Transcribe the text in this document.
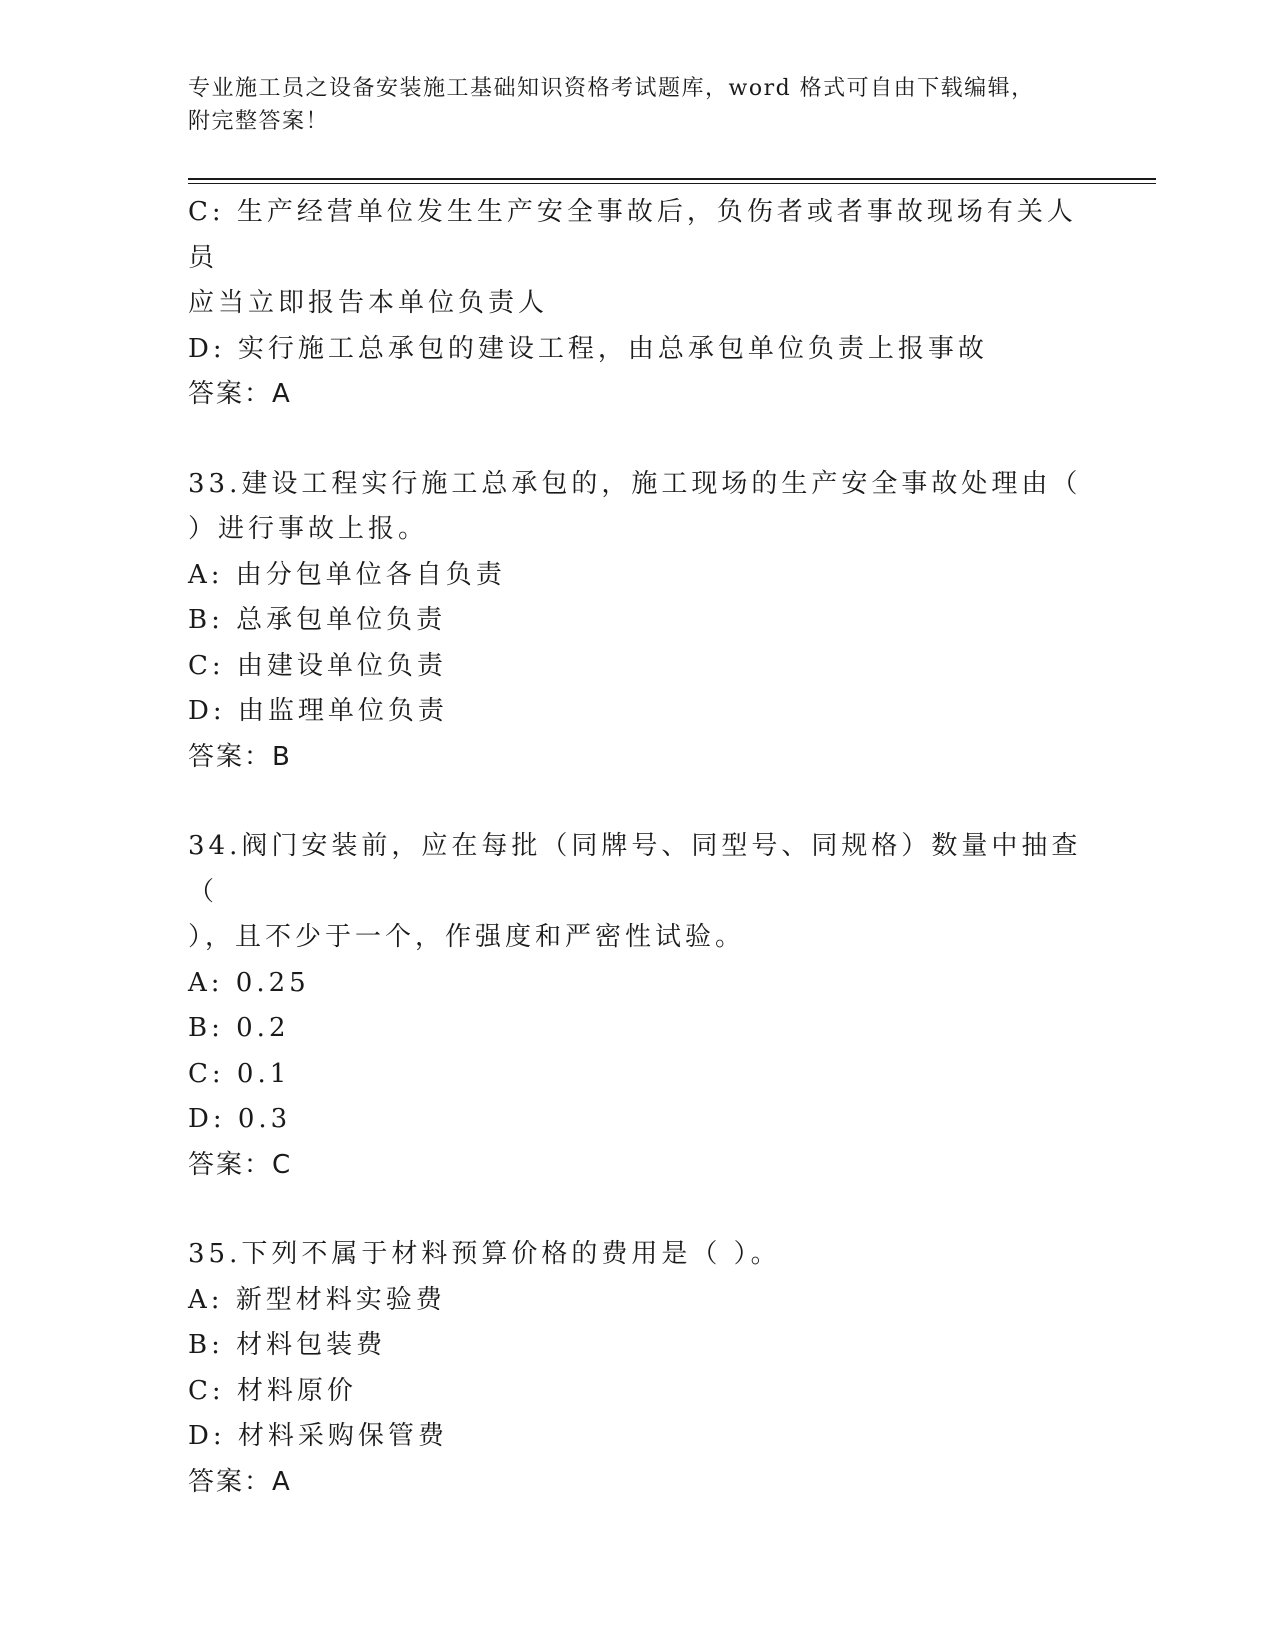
专业施工员之设备安装施工基础知识资格考试题库，word 格式可自由下载编辑，
附完整答案！
C: 生产经营单位发生生产安全事故后，负伤者或者事故现场有关人员
应当立即报告本单位负责人
D: 实行施工总承包的建设工程，由总承包单位负责上报事故
答案：A
33.建设工程实行施工总承包的，施工现场的生产安全事故处理由（
）进行事故上报。
A: 由分包单位各自负责
B: 总承包单位负责
C: 由建设单位负责
D: 由监理单位负责
答案：B
34.阀门安装前，应在每批（同牌号、同型号、同规格）数量中抽查（
），且不少于一个，作强度和严密性试验。
A: 0.25
B: 0.2
C: 0.1
D: 0.3
答案：C
35.下列不属于材料预算价格的费用是（ ）。
A: 新型材料实验费
B: 材料包装费
C: 材料原价
D: 材料采购保管费
答案：A
